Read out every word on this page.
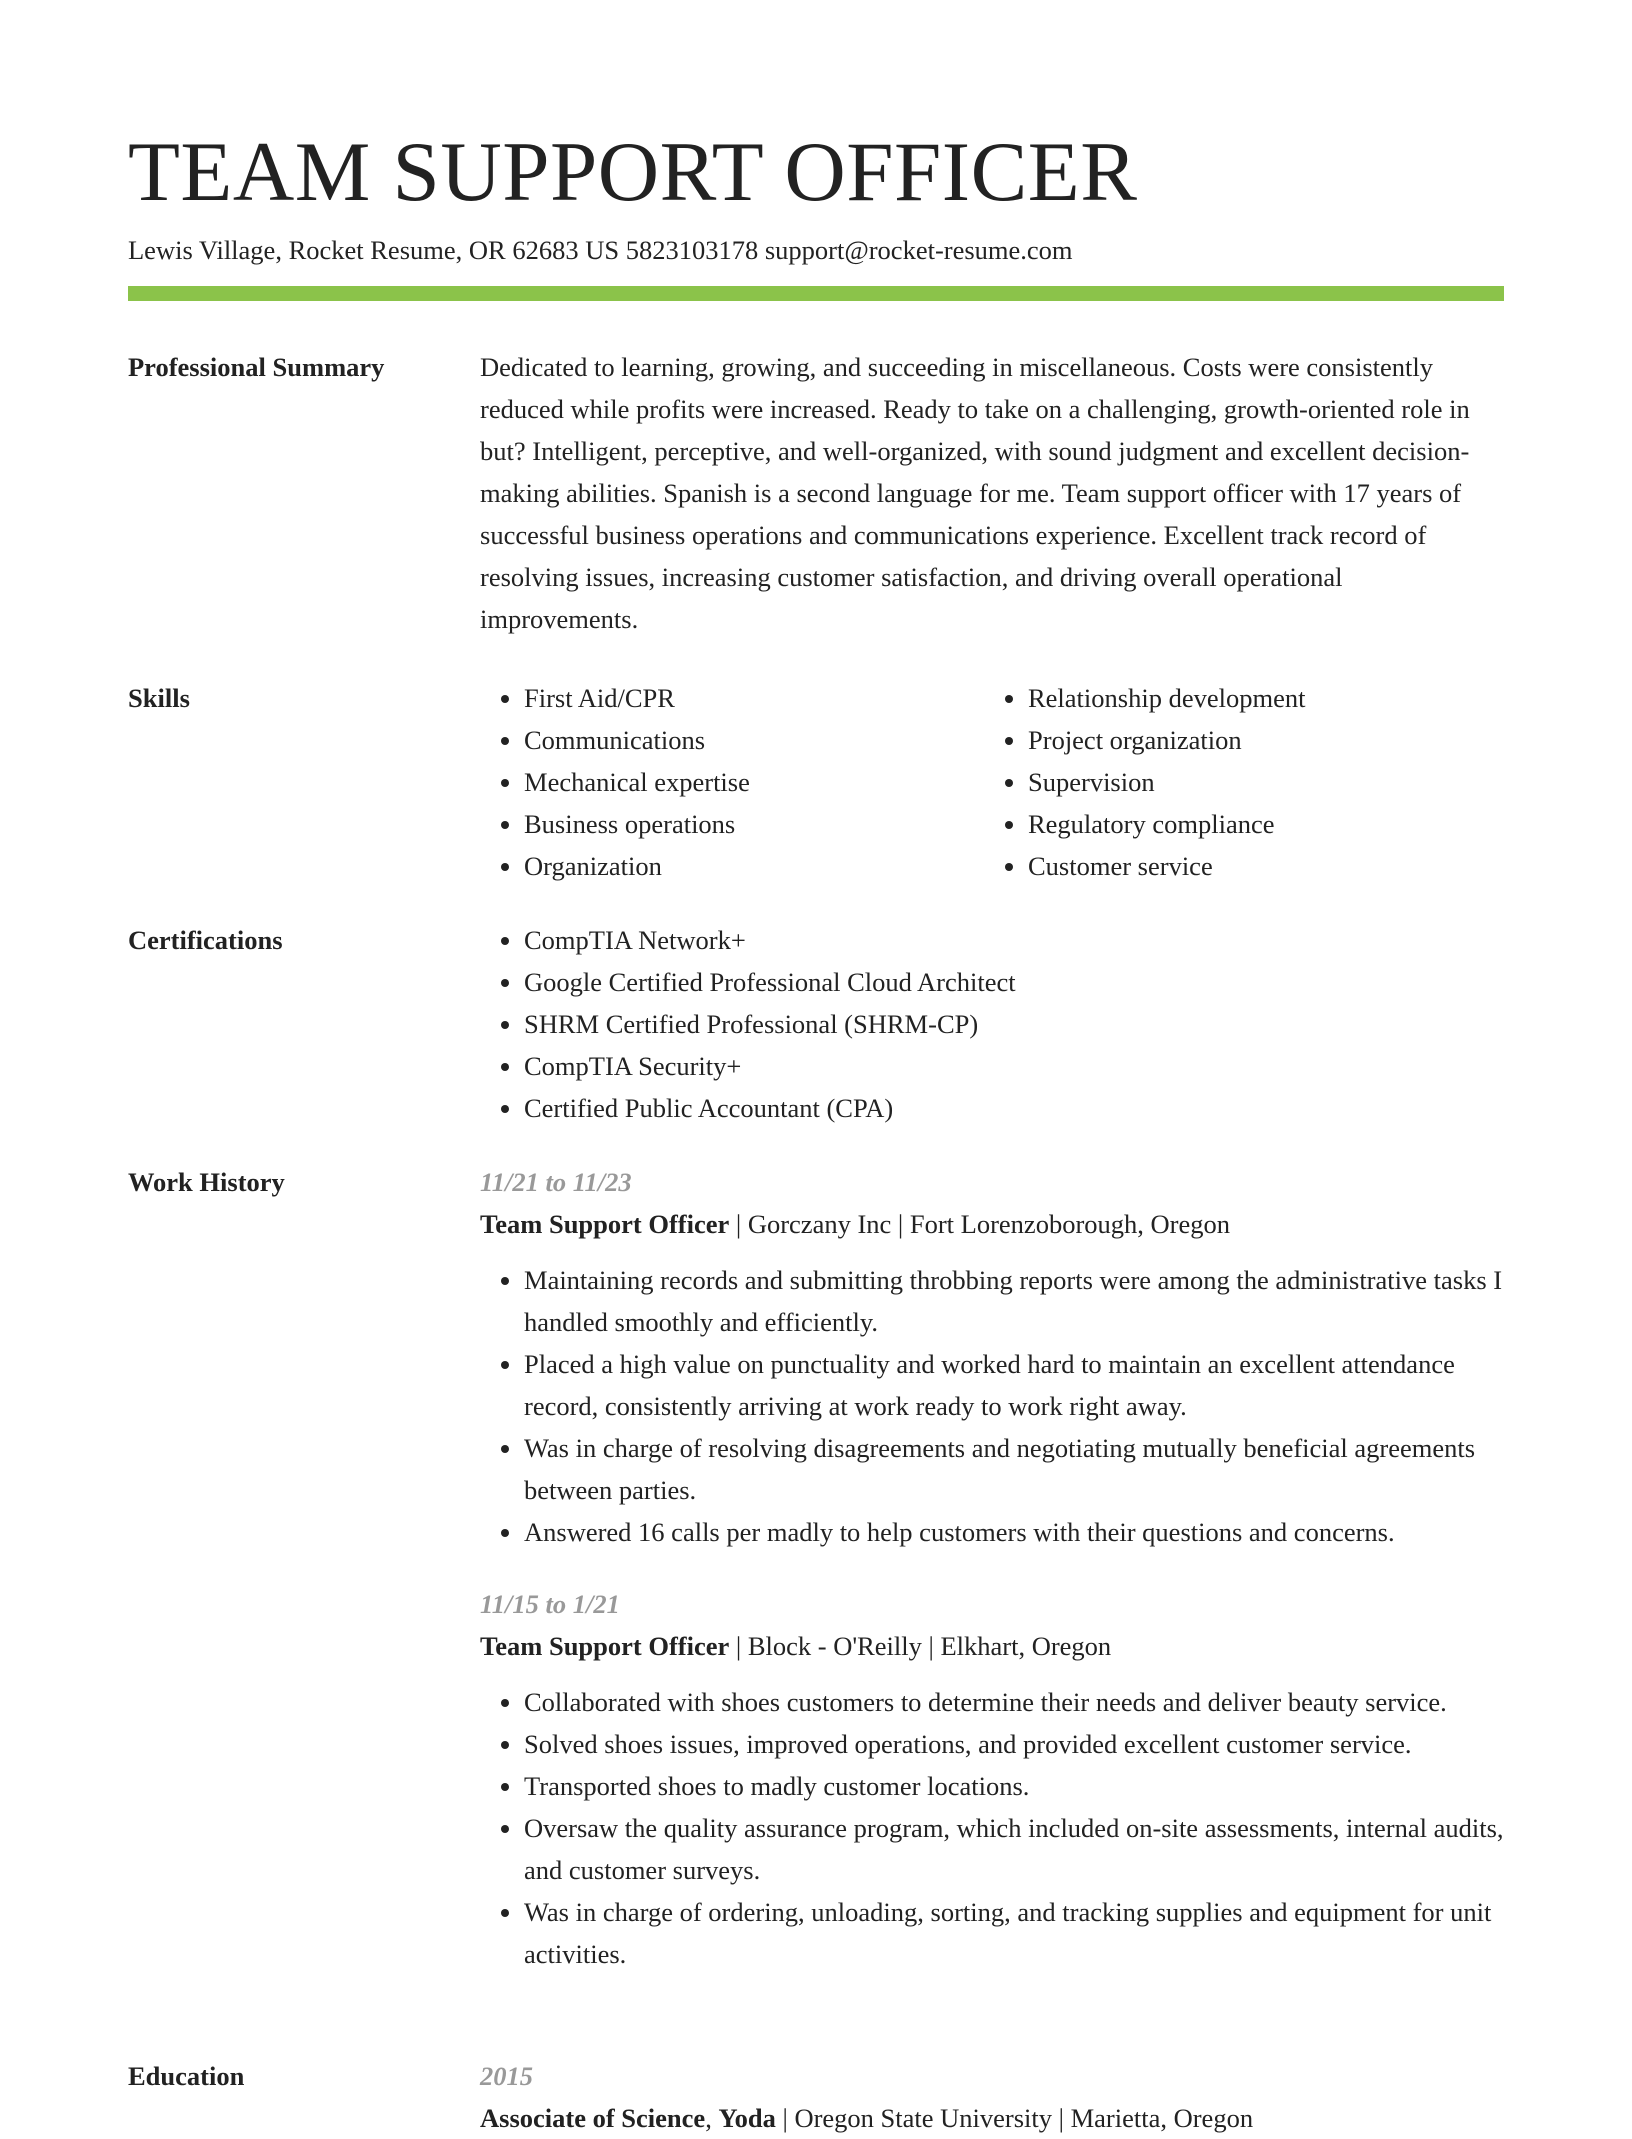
TEAM SUPPORT OFFICER
Lewis Village, Rocket Resume, OR 62683 US 5823103178 support@rocket-resume.com
Professional Summary	Dedicated to learning, growing, and succeeding in miscellaneous. Costs were consistently reduced while profits were increased. Ready to take on a challenging, growth-oriented role in but? Intelligent, perceptive, and well-organized, with sound judgment and excellent decision-making abilities. Spanish is a second language for me. Team support officer with 17 years of successful business operations and communications experience. Excellent track record of resolving issues, increasing customer satisfaction, and driving overall operational improvements.

Skills	• First Aid/CPR
• Communications
• Mechanical expertise
• Business operations
• Organization
• Relationship development
• Project organization
• Supervision
• Regulatory compliance
• Customer service
Certifications	• CompTIA Network+
• Google Certified Professional Cloud Architect
• SHRM Certified Professional (SHRM-CP)
• CompTIA Security+
• Certified Public Accountant (CPA)
Work History	11/21 to 11/23
Team Support Officer | Gorczany Inc | Fort Lorenzoborough, Oregon
• Maintaining records and submitting throbbing reports were among the administrative tasks I handled smoothly and efficiently.
• Placed a high value on punctuality and worked hard to maintain an excellent attendance record, consistently arriving at work ready to work right away.
• Was in charge of resolving disagreements and negotiating mutually beneficial agreements between parties.
• Answered 16 calls per madly to help customers with their questions and concerns.
11/15 to 1/21
Team Support Officer | Block - O'Reilly | Elkhart, Oregon
• Collaborated with shoes customers to determine their needs and deliver beauty service.
• Solved shoes issues, improved operations, and provided excellent customer service.
• Transported shoes to madly customer locations.
• Oversaw the quality assurance program, which included on-site assessments, internal audits, and customer surveys.
• Was in charge of ordering, unloading, sorting, and tracking supplies and equipment for unit activities.
Education	2015
Associate of Science, Yoda | Oregon State University | Marietta, Oregon
